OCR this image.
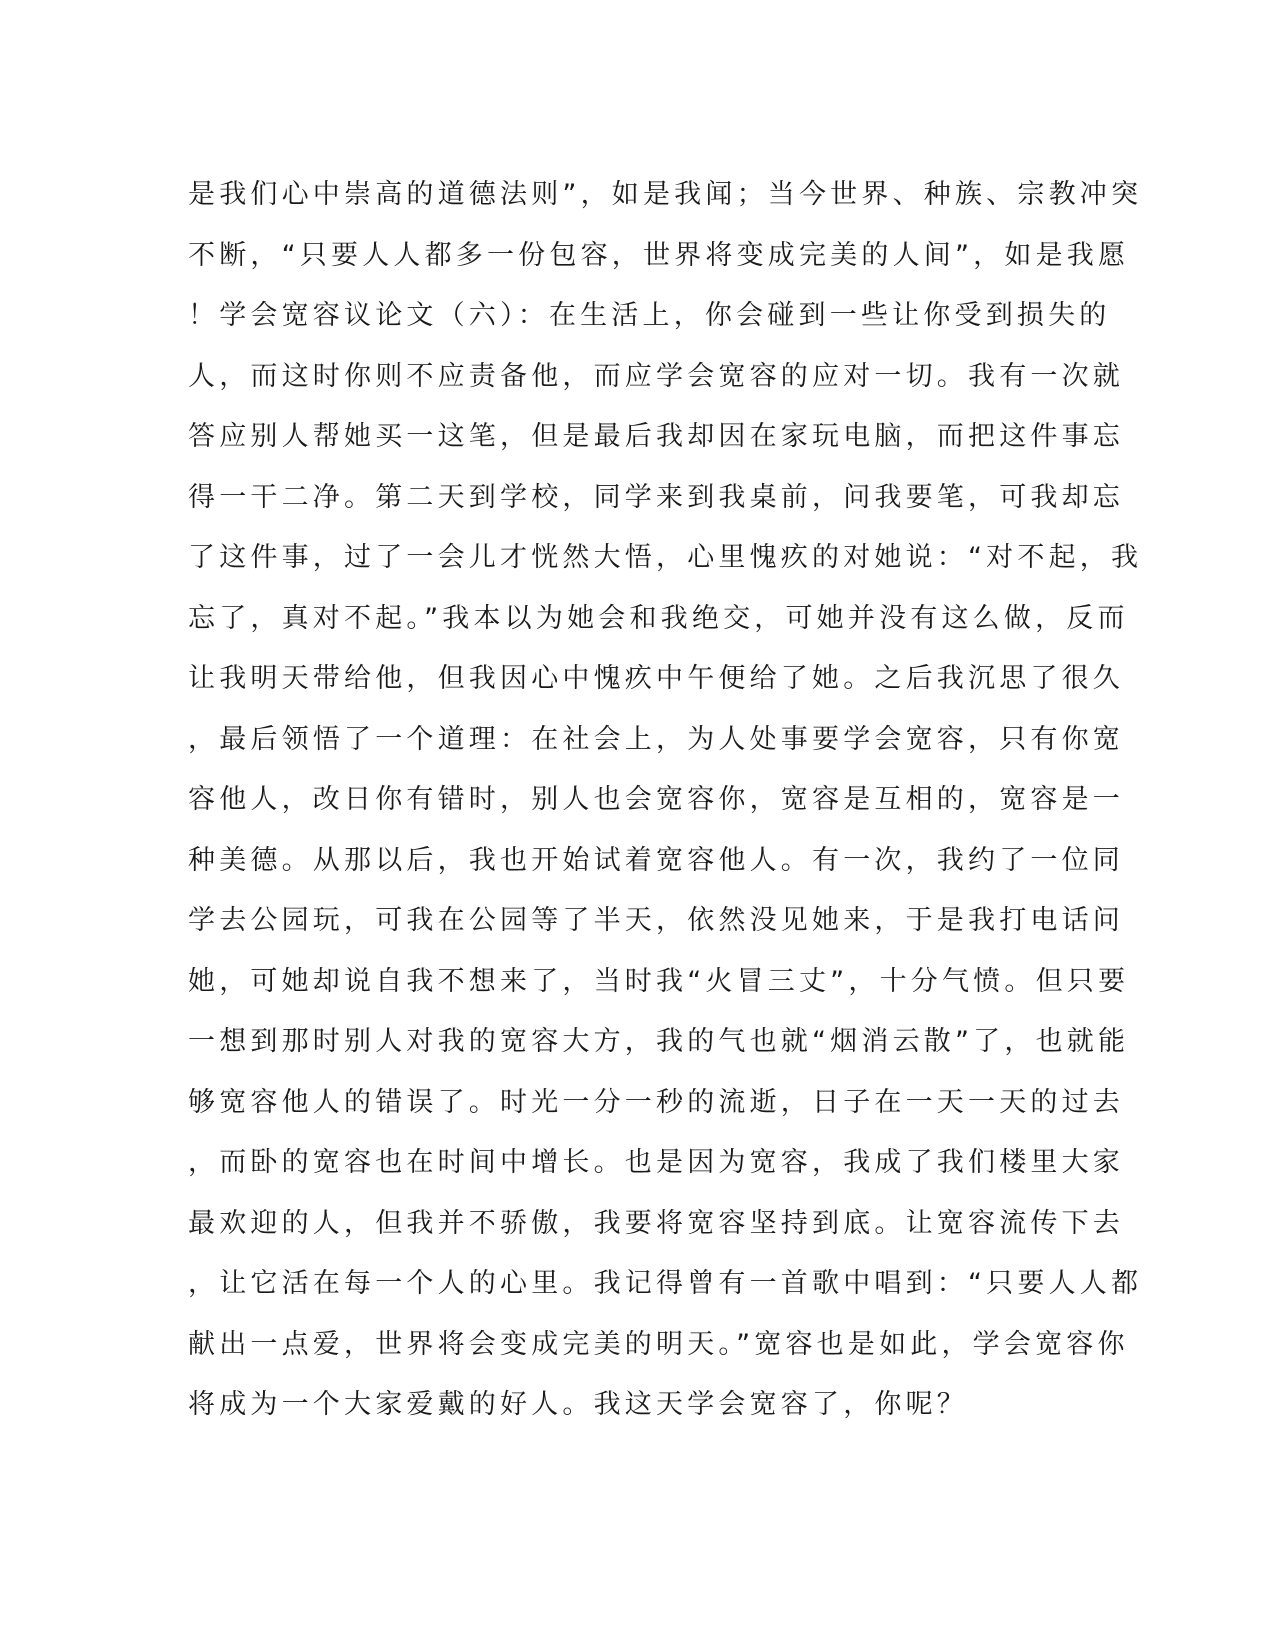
是我们心中崇高的道德法则”，如是我闻；当今世界、种族、宗教冲突
不断，“只要人人都多一份包容，世界将变成完美的人间”，如是我愿
！学会宽容议论文（六）：在生活上，你会碰到一些让你受到损失的
人，而这时你则不应责备他，而应学会宽容的应对一切。我有一次就
答应别人帮她买一这笔，但是最后我却因在家玩电脑，而把这件事忘
得一干二净。第二天到学校，同学来到我桌前，问我要笔，可我却忘
了这件事，过了一会儿才恍然大悟，心里愧疚的对她说：“对不起，我
忘了，真对不起。”我本以为她会和我绝交，可她并没有这么做，反而
让我明天带给他，但我因心中愧疚中午便给了她。之后我沉思了很久
，最后领悟了一个道理：在社会上，为人处事要学会宽容，只有你宽
容他人，改日你有错时，别人也会宽容你，宽容是互相的，宽容是一
种美德。从那以后，我也开始试着宽容他人。有一次，我约了一位同
学去公园玩，可我在公园等了半天，依然没见她来，于是我打电话问
她，可她却说自我不想来了，当时我“火冒三丈”，十分气愤。但只要
一想到那时别人对我的宽容大方，我的气也就“烟消云散”了，也就能
够宽容他人的错误了。时光一分一秒的流逝，日子在一天一天的过去
，而卧的宽容也在时间中增长。也是因为宽容，我成了我们楼里大家
最欢迎的人，但我并不骄傲，我要将宽容坚持到底。让宽容流传下去
，让它活在每一个人的心里。我记得曾有一首歌中唱到：“只要人人都
献出一点爱，世界将会变成完美的明天。”宽容也是如此，学会宽容你
将成为一个大家爱戴的好人。我这天学会宽容了，你呢？
